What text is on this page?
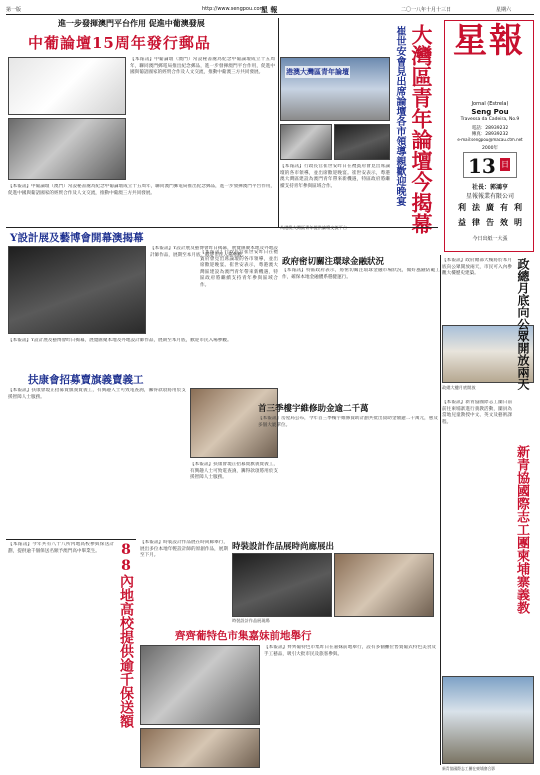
第一版	http://www.sengpou.com
星 報	二〇一八年十月十三日	星期六
進一步發揮澳門平台作用 促進中葡澳發展
中葡論壇15周年發行郵品
【本報訊】中葡論壇（澳門）常設秘書處為紀念中葡論壇成立十五周年，聯同澳門郵電局推出紀念郵品，進一步發揮澳門平台作用，促進中國與葡語國家的經貿合作及人文交流，推動中葡澳三方共同發展。
【本報訊】中葡論壇（澳門）常設秘書處為紀念中葡論壇成立十五周年，聯同澳門郵電局推出紀念郵品，進一步發揮澳門平台作用，促進中國與葡語國家的經貿合作及人文交流，推動中葡澳三方共同發展。	崔世安會見出席論壇各市領導親歡迎晚宴 大灣區青年論壇今揭幕
港澳大灣區青年論壇
【本報訊】行政長官崔世安昨日在禮賓府會見出席論壇的各市領導，並出席歡迎晚宴。崔世安表示，粵港澳大灣區建設為澳門青年帶來新機遇，特區政府將繼續支持青年參與區域合作。
為港澳大灣區青年提供論壇交流平台
星報
Jornal (Estrela)
Seng Pou
Travessa da Cadeira, No.9
電話：28939232
傳真：28939232
e-mail:sengpou@macau.ctm.net
2000年
13 日
社長：郭鴻亨
星報報業有限公司
利 法 廣 有 利
益 律 告 效 明
今日出紙一大張
Y設計展及藝博會開幕澳揭幕
【本報訊】Y設計展及藝博會昨日揭幕，展覽匯聚本地及外地設計師作品，展期至本月底，歡迎市民入場參觀。
【本報訊】Y設計展及藝博會昨日揭幕，展覽匯聚本地及外地設計師作品，展期至本月底，歡迎市民入場參觀。
扶康會招募賣旗義賣義工
【本報訊】扶康會現正招募賣旗義賣義工，有興趣人士可致電查詢，籌得款項將用於支援智障人士服務。
【本報訊】扶康會現正招募賣旗義賣義工，有興趣人士可致電查詢，籌得款項將用於支援智障人士服務。
88內地高校提供逾千保送額
【本報訊】今年共有八十八所內地高校參與保送計劃，提供逾千個保送名額予澳門高中畢業生。
政府密切關注環球金融狀況
【本報訊】特區政府表示，將密切關注環球金融市場狀況，做好風險防範工作，確保本地金融體系穩健運行。
政總大樓月底開放
首三季樓宇維修助金逾二千萬
【本報訊】房屋局公布，今年首三季樓宇維修資助計劃共批出資助金額逾二千萬元，惠及多個大廈單位。
【本報訊】行政長官崔世安昨日在禮賓府會見出席論壇的各市領導，並出席歡迎晚宴。崔世安表示，粵港澳大灣區建設為澳門青年帶來新機遇，特區政府將繼續支持青年參與區域合作。
時裝設計作品展時尚廊展出
【本報訊】時裝設計作品展在時尚廊舉行，展出多位本地年輕設計師的原創作品，展期至下月。
時裝設計作品展現場
齊齊葡特色市集嘉妹前地舉行
【本報訊】齊齊葡特色市集昨日在嘉妹前地舉行，設有多個攤位售賣葡式特色美食及手工藝品，吸引大批市民及旅客參與。
政總月底向公眾開放兩天
【本報訊】政府總部大樓將於本月底向公眾開放兩天，市民可入內參觀大樓歷史建築。
新青協國際志工團柬埔寨義教
【本報訊】新青協國際志工團日前前往柬埔寨進行義教活動，團員為當地兒童教授中文、英文及藝術課程。
新青協國際志工團在柬埔寨合影
